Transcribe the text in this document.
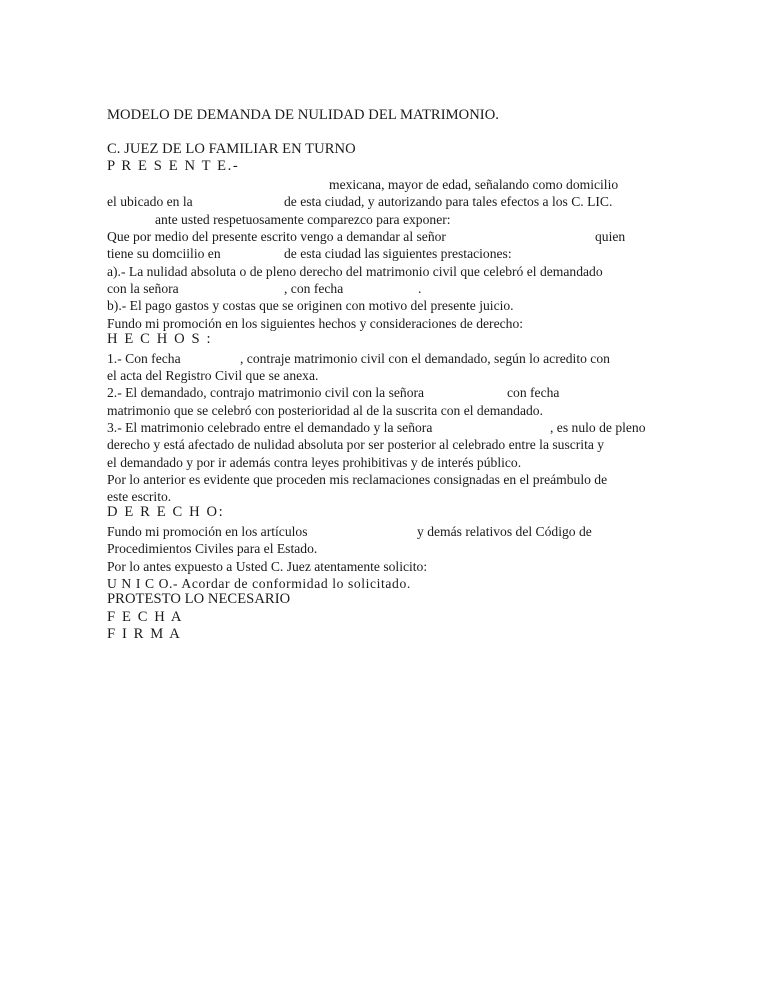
MODELO DE DEMANDA DE NULIDAD DEL MATRIMONIO.
C. JUEZ DE LO FAMILIAR EN TURNO
P R E S E N T E.-
mexicana, mayor de edad, señalando como domicilio
el ubicado en la	de esta ciudad, y autorizando para tales efectos a los C. LIC.
ante usted respetuosamente comparezco para exponer:
Que por medio del presente escrito vengo a demandar al señor	quien
tiene su domciilio en	de esta ciudad las siguientes prestaciones:
a).- La nulidad absoluta o de pleno derecho del matrimonio civil que celebró el demandado
con la señora	, con fecha	.
b).- El pago gastos y costas que se originen con motivo del presente juicio.
Fundo mi promoción en los siguientes hechos y consideraciones de derecho:
H E C H O S :
1.- Con fecha	, contraje matrimonio civil con el demandado, según lo acredito con
el acta del Registro Civil que se anexa.
2.- El demandado, contrajo matrimonio civil con la señora	con fecha
matrimonio que se celebró con posterioridad al de la suscrita con el demandado.
3.- El matrimonio celebrado entre el demandado y la señora	, es nulo de pleno
derecho y está afectado de nulidad absoluta por ser posterior al celebrado entre la suscrita y
el demandado y por ir además contra leyes prohibitivas y de interés público.
Por lo anterior es evidente que proceden mis reclamaciones consignadas en el preámbulo de
este escrito.
D E R E C H O:
Fundo mi promoción en los artículos	y demás relativos del Código de
Procedimientos Civiles para el Estado.
Por lo antes expuesto a Usted C. Juez atentamente solicito:
U N I C O.- Acordar de conformidad lo solicitado.
PROTESTO LO NECESARIO
F E C H A
F I R M A
